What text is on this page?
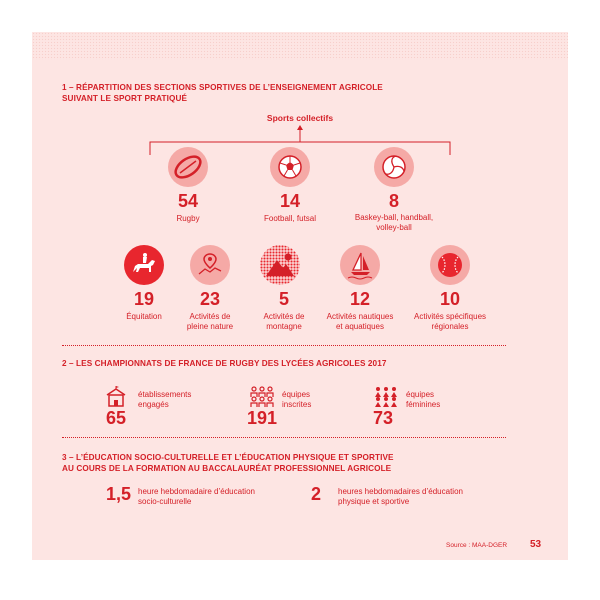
1 – RÉPARTITION DES SECTIONS SPORTIVES DE L’ENSEIGNEMENT AGRICOLE
SUIVANT LE SPORT PRATIQUÉ
Sports collectifs
54
Rugby
14
Football, futsal
8
Baskey-ball, handball,
volley-ball
19
Équitation
23
Activités de
pleine nature
5
Activités de
montagne
12
Activités nautiques
et aquatiques
10
Activités spécifiques
régionales
2 – LES CHAMPIONNATS DE FRANCE DE RUGBY DES LYCÉES AGRICOLES 2017
65
établissements
engagés
191
équipes
inscrites
73
équipes
féminines
3 – L’ÉDUCATION SOCIO-CULTURELLE ET L’ÉDUCATION PHYSIQUE ET SPORTIVE
AU COURS DE LA FORMATION AU BACCALAURÉAT PROFESSIONNEL AGRICOLE
1,5 heure hebdomadaire d’éducation
socio-culturelle	2 heures hebdomadaires d’éducation
physique et sportive
Source : MAA-DGER 53
